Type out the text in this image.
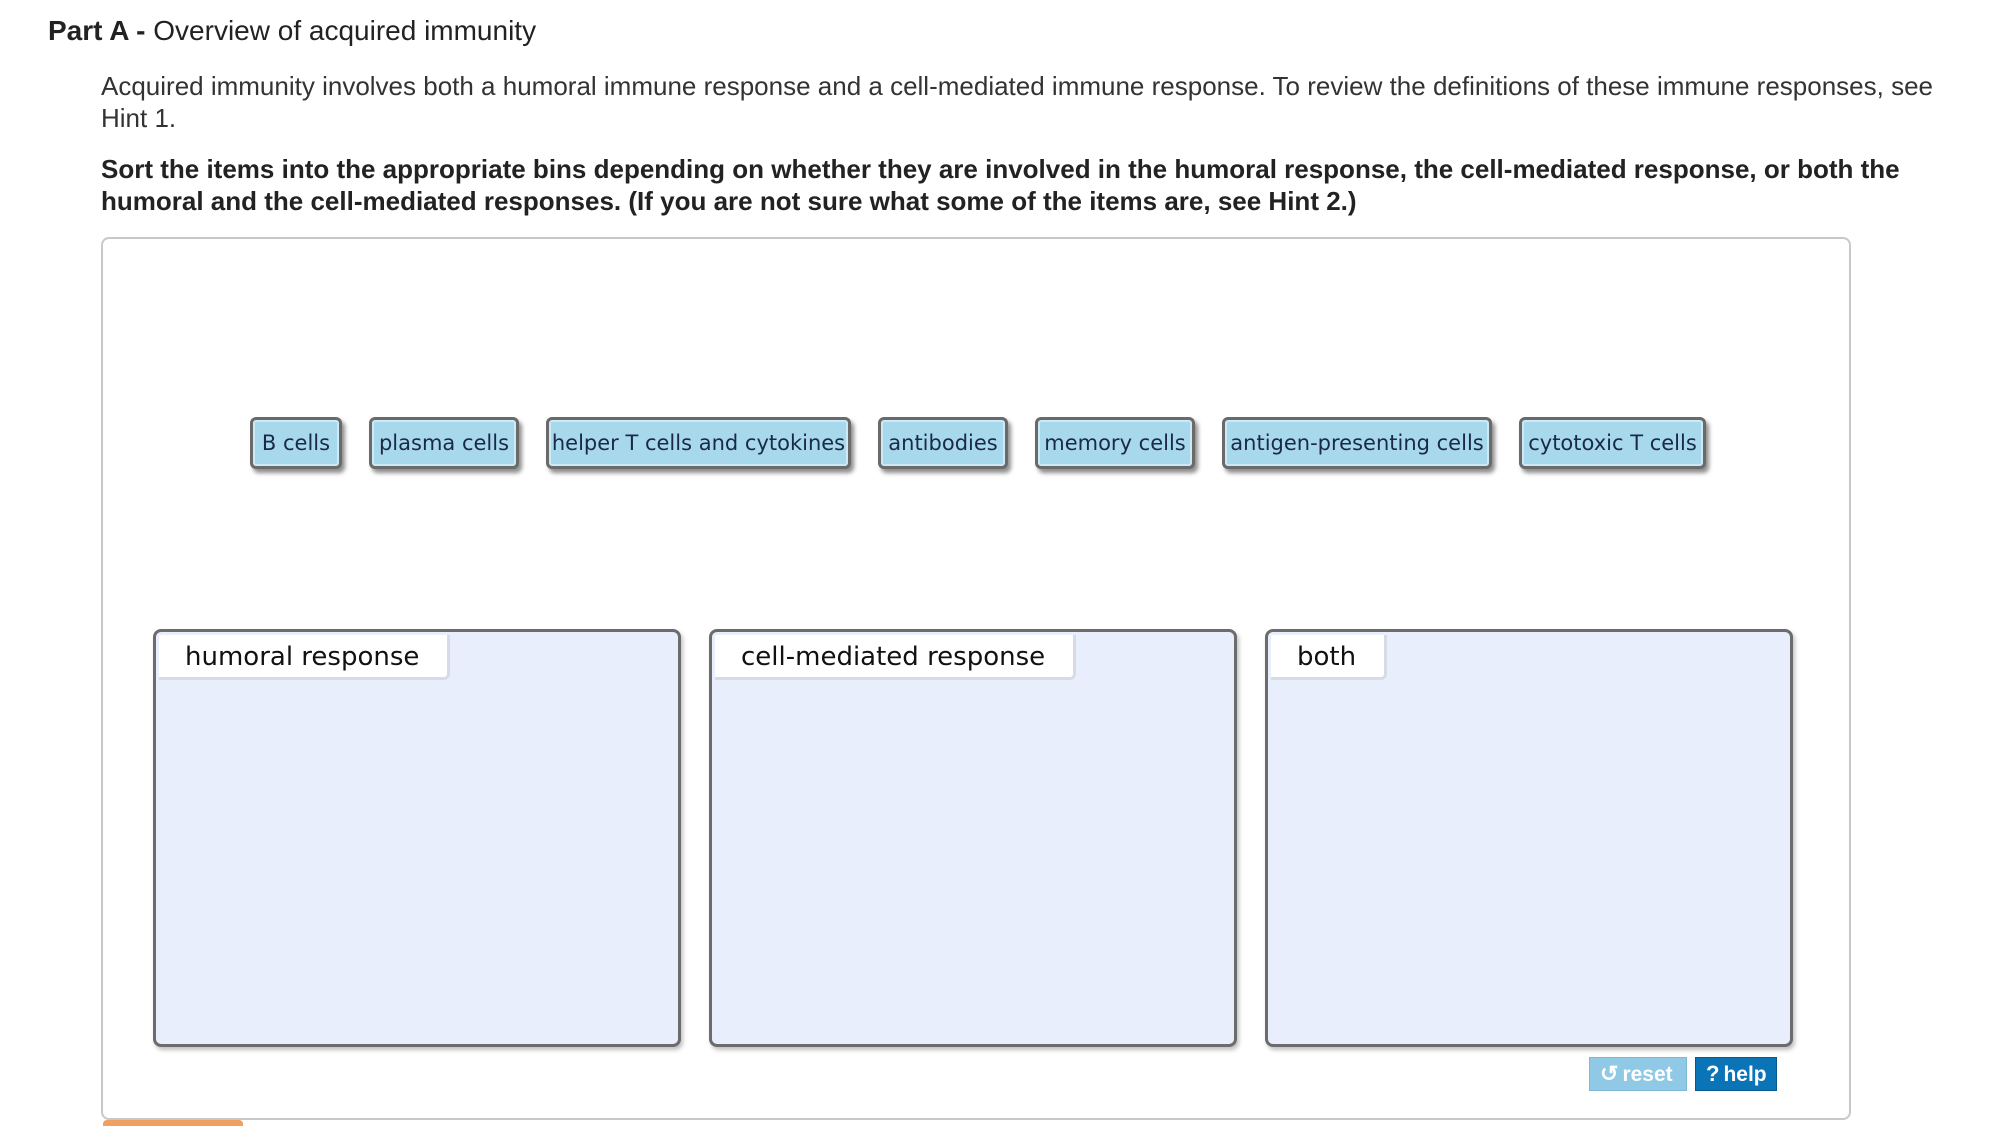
Part A - Overview of acquired immunity
Acquired immunity involves both a humoral immune response and a cell-mediated immune response. To review the definitions of these immune responses, see Hint 1.
Sort the items into the appropriate bins depending on whether they are involved in the humoral response, the cell-mediated response, or both the humoral and the cell-mediated responses. (If you are not sure what some of the items are, see Hint 2.)
B cells	plasma cells	helper T cells and cytokines	antibodies	memory cells	antigen-presenting cells	cytotoxic T cells
humoral response	cell-mediated response	both
↺ reset	? help
